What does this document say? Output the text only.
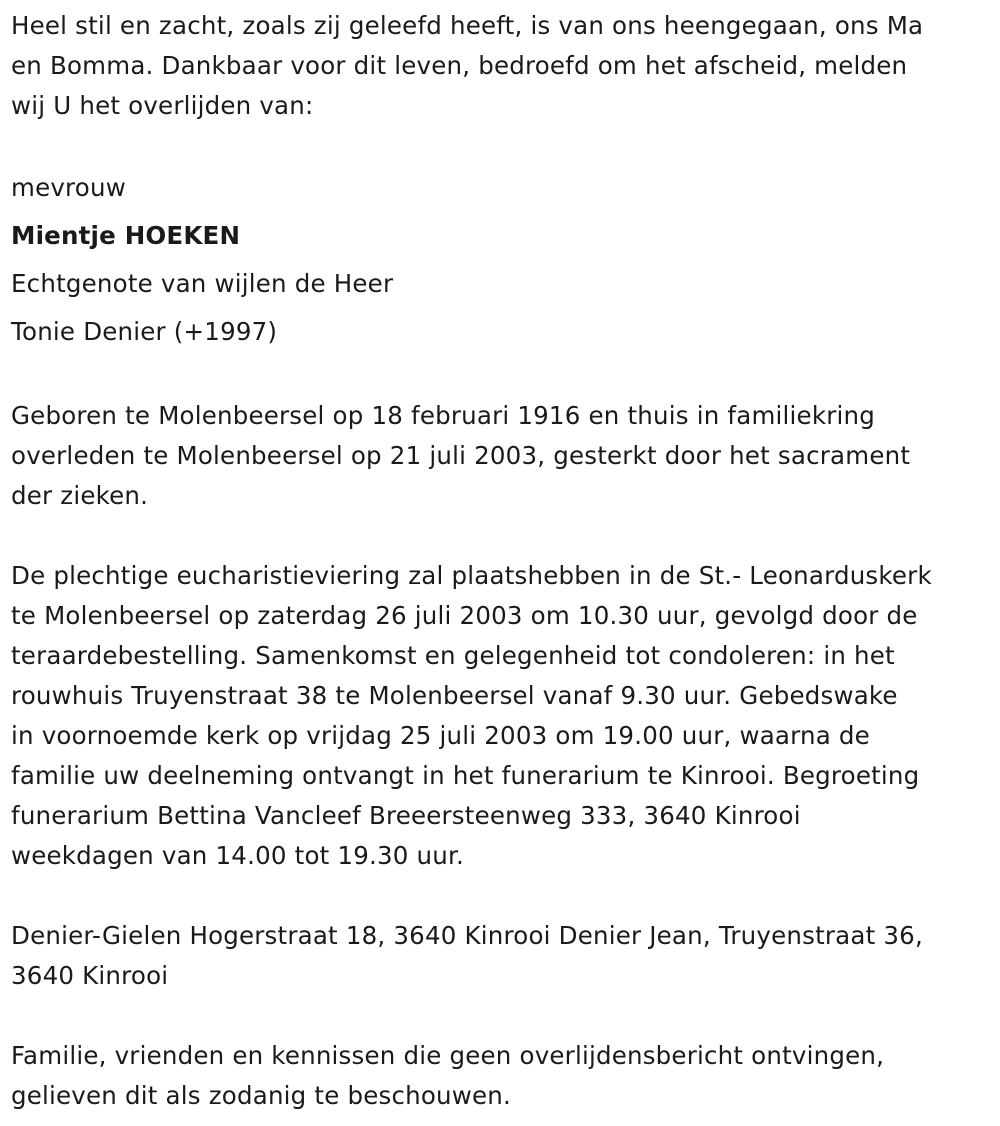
Heel stil en zacht, zoals zij geleefd heeft, is van ons heengegaan, ons Ma
en Bomma. Dankbaar voor dit leven, bedroefd om het afscheid, melden
wij U het overlijden van:

mevrouw

Mientje HOEKEN

Echtgenote van wijlen de Heer

Tonie Denier (+1997)

Geboren te Molenbeersel op 18 februari 1916 en thuis in familiekring
overleden te Molenbeersel op 21 juli 2003, gesterkt door het sacrament
der zieken.

De plechtige eucharistieviering zal plaatshebben in de St.- Leonarduskerk
te Molenbeersel op zaterdag 26 juli 2003 om 10.30 uur, gevolgd door de
teraardebestelling. Samenkomst en gelegenheid tot condoleren: in het
rouwhuis Truyenstraat 38 te Molenbeersel vanaf 9.30 uur. Gebedswake
in voornoemde kerk op vrijdag 25 juli 2003 om 19.00 uur, waarna de
familie uw deelneming ontvangt in het funerarium te Kinrooi. Begroeting
funerarium Bettina Vancleef Breeersteenweg 333, 3640 Kinrooi
weekdagen van 14.00 tot 19.30 uur.

Denier-Gielen Hogerstraat 18, 3640 Kinrooi Denier Jean, Truyenstraat 36,
3640 Kinrooi

Familie, vrienden en kennissen die geen overlijdensbericht ontvingen,
gelieven dit als zodanig te beschouwen.
